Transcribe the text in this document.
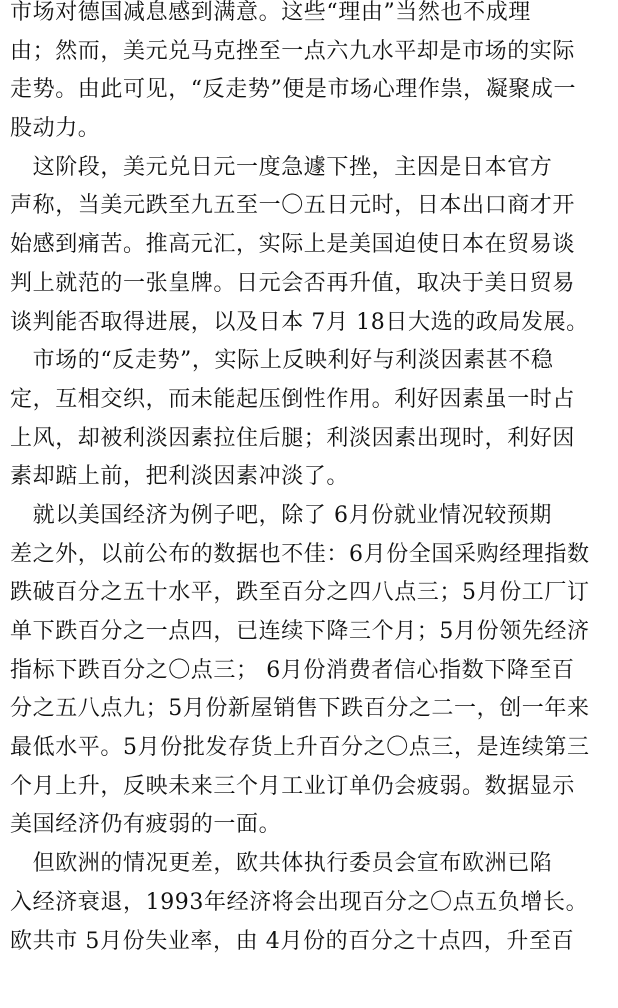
市场对德国减息感到满意。这些“理由”当然也不成理
由；然而，美元兑马克挫至一点六九水平却是市场的实际
走势。由此可见，“反走势”便是市场心理作祟，凝聚成一
股动力。
　这阶段，美元兑日元一度急遽下挫，主因是日本官方
声称，当美元跌至九五至一〇五日元时，日本出口商才开
始感到痛苦。推高元汇，实际上是美国迫使日本在贸易谈
判上就范的一张皇牌。日元会否再升值，取决于美日贸易
谈判能否取得进展，以及日本 7月 18日大选的政局发展。
　市场的“反走势”，实际上反映利好与利淡因素甚不稳
定，互相交织，而未能起压倒性作用。利好因素虽一时占
上风，却被利淡因素拉住后腿；利淡因素出现时，利好因
素却踮上前，把利淡因素冲淡了。
　就以美国经济为例子吧，除了 6月份就业情况较预期
差之外，以前公布的数据也不佳：6月份全国采购经理指数
跌破百分之五十水平，跌至百分之四八点三；5月份工厂订
单下跌百分之一点四，已连续下降三个月；5月份领先经济
指标下跌百分之〇点三； 6月份消费者信心指数下降至百
分之五八点九；5月份新屋销售下跌百分之二一，创一年来
最低水平。5月份批发存货上升百分之〇点三，是连续第三
个月上升，反映未来三个月工业订单仍会疲弱。数据显示
美国经济仍有疲弱的一面。
　但欧洲的情况更差，欧共体执行委员会宣布欧洲已陷
入经济衰退，1993年经济将会出现百分之〇点五负增长。
欧共市 5月份失业率，由 4月份的百分之十点四，升至百
